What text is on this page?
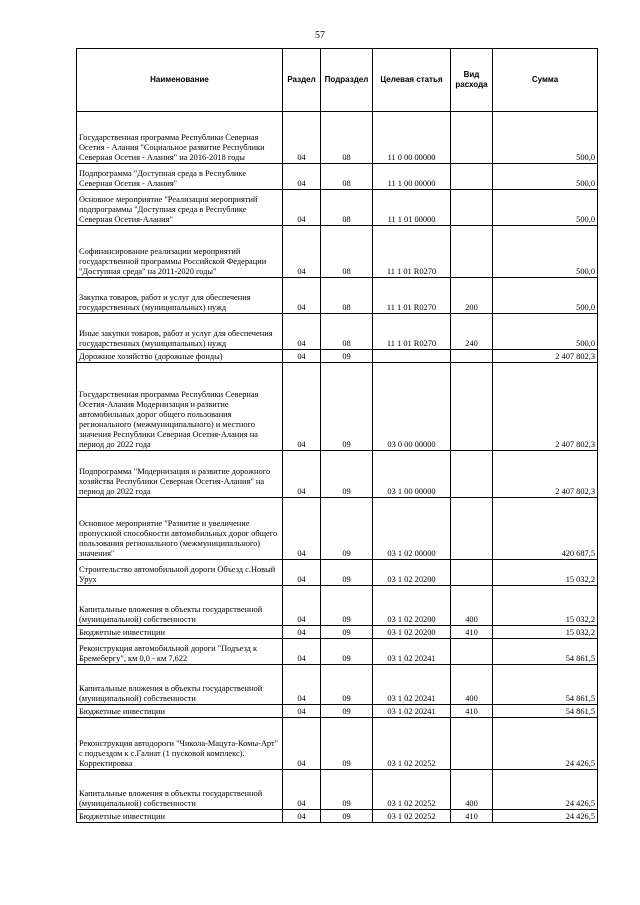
57
Наименование	Раздел	Подраздел	Целевая статья	Вид расхода	Сумма
Государственная программа Республики Северная Осетия - Алания "Социальное развитие Республики Северная Осетия - Алания" на 2016-2018 годы	04	08	11 0 00 00000		500,0
Подпрограмма "Доступная среда в Республике Северная Осетия - Алания"	04	08	11 1 00 00000		500,0
Основное мероприятие "Реализация мероприятий подпрограммы "Доступная среда в Республике Северная Осетия-Алания"	04	08	11 1 01 00000		500,0
Софинансирование реализации мероприятий государственной программы Российской Федерации "Доступная среда" на 2011-2020 годы"	04	08	11 1 01 R0270		500,0
Закупка товаров, работ и услуг для обеспечения государственных (муниципальных) нужд	04	08	11 1 01 R0270	200	500,0
Иные закупки товаров, работ и услуг для обеспечения государственных (муниципальных) нужд	04	08	11 1 01 R0270	240	500,0
Дорожное хозяйство (дорожные фонды)	04	09			2 407 802,3
Государственная программа Республики Северная Осетия-Алания Модернизация и развитие автомобильных дорог общего пользования регионального (межмуниципального) и местного значения Республики Северная Осетия-Алания на период до 2022 года	04	09	03 0 00 00000		2 407 802,3
Подпрограмма "Модернизация и развитие дорожного хозяйства Республики Северная Осетия-Алания" на период до 2022 года	04	09	03 1 00 00000		2 407 802,3
Основное мероприятие "Развитие и увеличение пропускной способности автомобильных дорог общего пользования регионального (межмуниципального) значения"	04	09	03 1 02 00000		420 687,5
Строительство автомобильной дороги Объезд с.Новый Урух	04	09	03 1 02 20200		15 032,2
Капитальные вложения в объекты государственной (муниципальной) собственности	04	09	03 1 02 20200	400	15 032,2
Бюджетные инвестиции	04	09	03 1 02 20200	410	15 032,2
Реконструкция автомобильной дороги "Подъезд к Бремебергу", км 0,0 - км 7,622	04	09	03 1 02 20241		54 861,5
Капитальные вложения в объекты государственной (муниципальной) собственности	04	09	03 1 02 20241	400	54 861,5
Бюджетные инвестиции	04	09	03 1 02 20241	410	54 861,5
Реконструкция автодороги "Чикола-Мацута-Комы-Арт" с подъездом к с.Галиат (1 пусковой комплекс). Корректировка	04	09	03 1 02 20252		24 426,5
Капитальные вложения в объекты государственной (муниципальной) собственности	04	09	03 1 02 20252	400	24 426,5
Бюджетные инвестиции	04	09	03 1 02 20252	410	24 426,5
